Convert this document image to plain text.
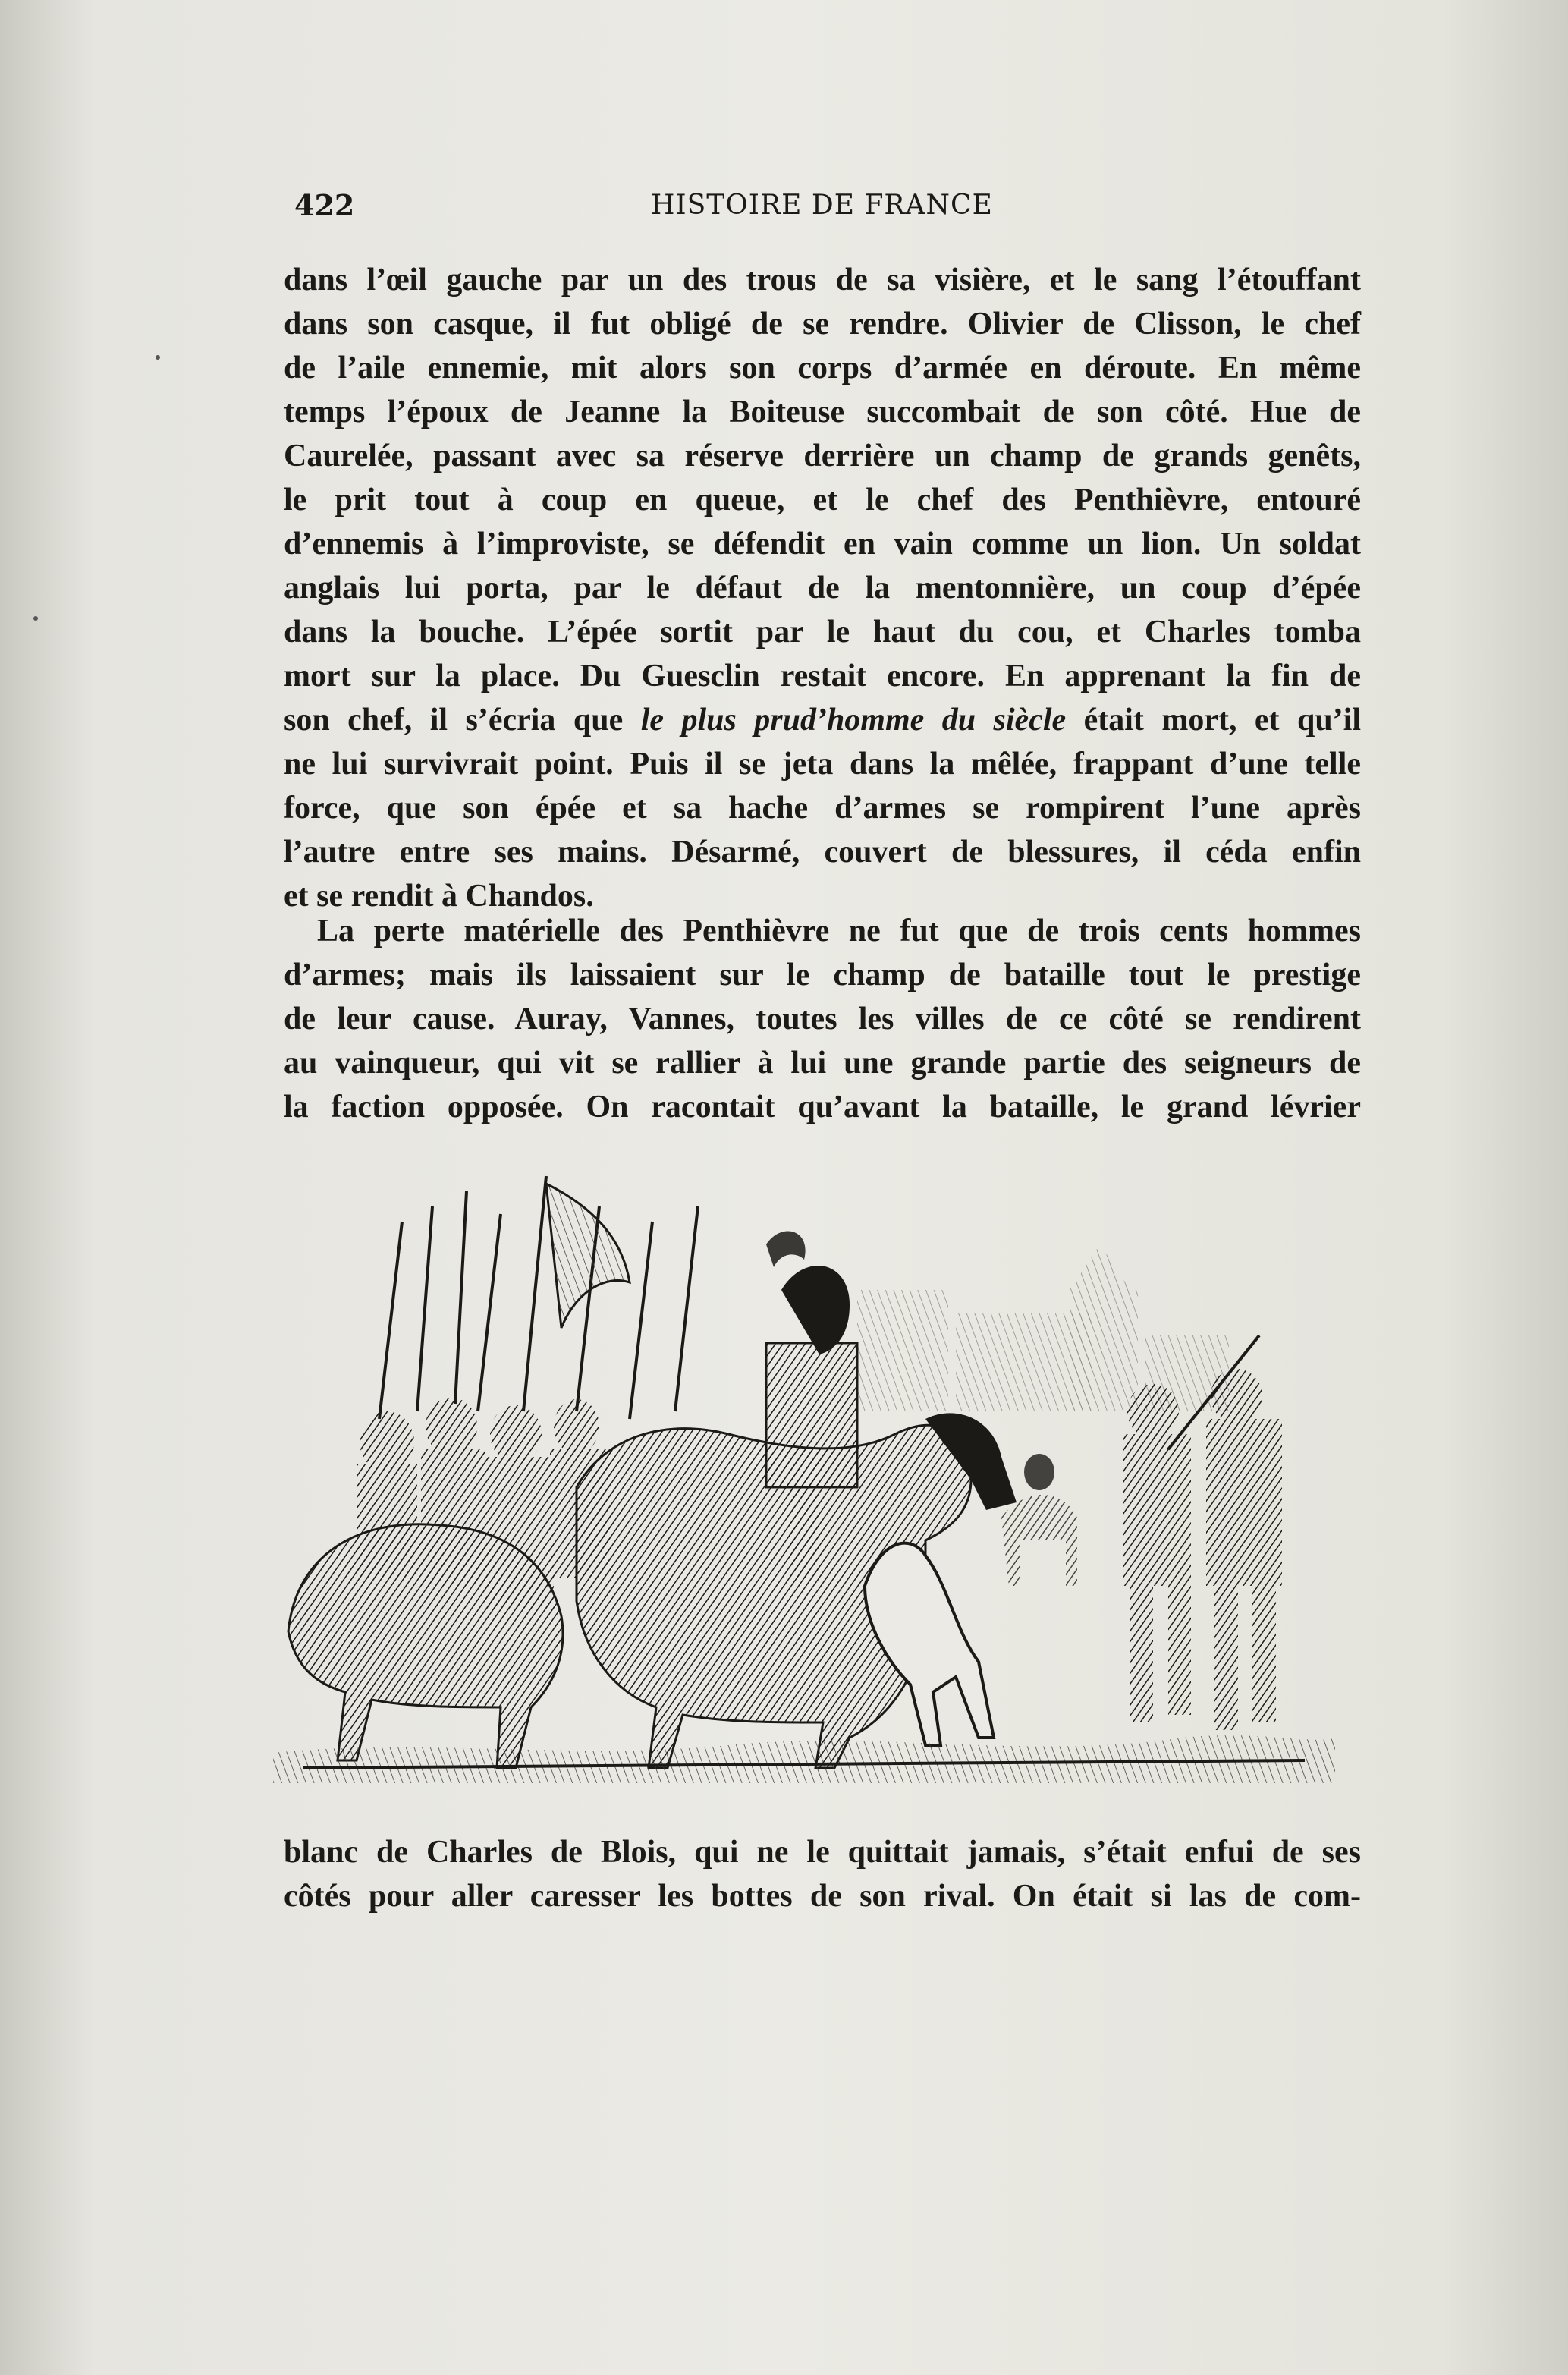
422	HISTOIRE DE FRANCE
dans l’œil gauche par un des trous de sa visière, et le sang l’étouffant
dans son casque, il fut obligé de se rendre. Olivier de Clisson, le chef
de l’aile ennemie, mit alors son corps d’armée en déroute. En même
temps l’époux de Jeanne la Boiteuse succombait de son côté. Hue de
Caurelée, passant avec sa réserve derrière un champ de grands genêts,
le prit tout à coup en queue, et le chef des Penthièvre, entouré
d’ennemis à l’improviste, se défendit en vain comme un lion. Un soldat
anglais lui porta, par le défaut de la mentonnière, un coup d’épée
dans la bouche. L’épée sortit par le haut du cou, et Charles tomba
mort sur la place. Du Guesclin restait encore. En apprenant la fin de
son chef, il s’écria que le plus prud’homme du siècle était mort, et qu’il
ne lui survivrait point. Puis il se jeta dans la mêlée, frappant d’une telle
force, que son épée et sa hache d’armes se rompirent l’une après
l’autre entre ses mains. Désarmé, couvert de blessures, il céda enfin
et se rendit à Chandos.
La perte matérielle des Penthièvre ne fut que de trois cents hommes
d’armes; mais ils laissaient sur le champ de bataille tout le prestige
de leur cause. Auray, Vannes, toutes les villes de ce côté se rendirent
au vainqueur, qui vit se rallier à lui une grande partie des seigneurs de
la faction opposée. On racontait qu’avant la bataille, le grand lévrier
blanc de Charles de Blois, qui ne le quittait jamais, s’était enfui de ses
côtés pour aller caresser les bottes de son rival. On était si las de com-
